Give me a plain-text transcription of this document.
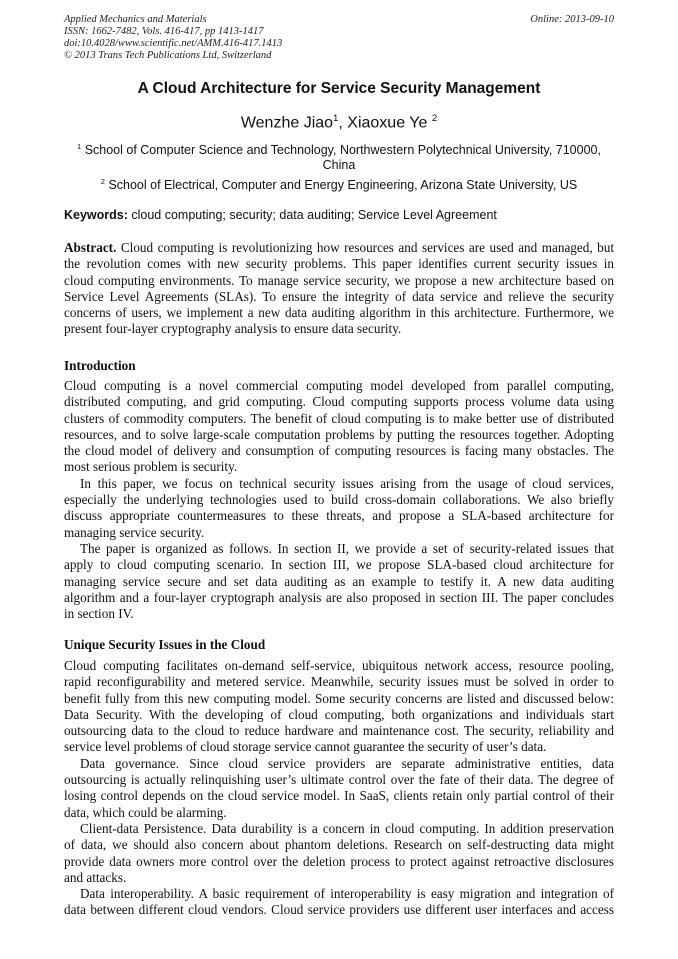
Applied Mechanics and Materials
ISSN: 1662-7482, Vols. 416-417, pp 1413-1417
doi:10.4028/www.scientific.net/AMM.416-417.1413
© 2013 Trans Tech Publications Ltd, Switzerland
Online: 2013-09-10
A Cloud Architecture for Service Security Management
Wenzhe Jiao$^1$, Xiaoxue Ye $^2$
$^1$ School of Computer Science and Technology, Northwestern Polytechnical University, 710000,
China
$^2$ School of Electrical, Computer and Energy Engineering, Arizona State University, US
Keywords: cloud computing; security; data auditing; Service Level Agreement
Abstract. Cloud computing is revolutionizing how resources and services are used and managed, but
the revolution comes with new security problems. This paper identifies current security issues in
cloud computing environments. To manage service security, we propose a new architecture based on
Service Level Agreements (SLAs). To ensure the integrity of data service and relieve the security
concerns of users, we implement a new data auditing algorithm in this architecture. Furthermore, we
present four-layer cryptography analysis to ensure data security.
Introduction
Cloud computing is a novel commercial computing model developed from parallel computing,
distributed computing, and grid computing. Cloud computing supports process volume data using
clusters of commodity computers. The benefit of cloud computing is to make better use of distributed
resources, and to solve large-scale computation problems by putting the resources together. Adopting
the cloud model of delivery and consumption of computing resources is facing many obstacles. The
most serious problem is security.
In this paper, we focus on technical security issues arising from the usage of cloud services,
especially the underlying technologies used to build cross-domain collaborations. We also briefly
discuss appropriate countermeasures to these threats, and propose a SLA-based architecture for
managing service security.
The paper is organized as follows. In section II, we provide a set of security-related issues that
apply to cloud computing scenario. In section III, we propose SLA-based cloud architecture for
managing service secure and set data auditing as an example to testify it. A new data auditing
algorithm and a four-layer cryptograph analysis are also proposed in section III. The paper concludes
in section IV.
Unique Security Issues in the Cloud
Cloud computing facilitates on-demand self-service, ubiquitous network access, resource pooling,
rapid reconfigurability and metered service. Meanwhile, security issues must be solved in order to
benefit fully from this new computing model. Some security concerns are listed and discussed below:
Data Security. With the developing of cloud computing, both organizations and individuals start
outsourcing data to the cloud to reduce hardware and maintenance cost. The security, reliability and
service level problems of cloud storage service cannot guarantee the security of user’s data.
Data governance. Since cloud service providers are separate administrative entities, data
outsourcing is actually relinquishing user’s ultimate control over the fate of their data. The degree of
losing control depends on the cloud service model. In SaaS, clients retain only partial control of their
data, which could be alarming.
Client-data Persistence. Data durability is a concern in cloud computing. In addition preservation
of data, we should also concern about phantom deletions. Research on self-destructing data might
provide data owners more control over the deletion process to protect against retroactive disclosures
and attacks.
Data interoperability. A basic requirement of interoperability is easy migration and integration of
data between different cloud vendors. Cloud service providers use different user interfaces and access
